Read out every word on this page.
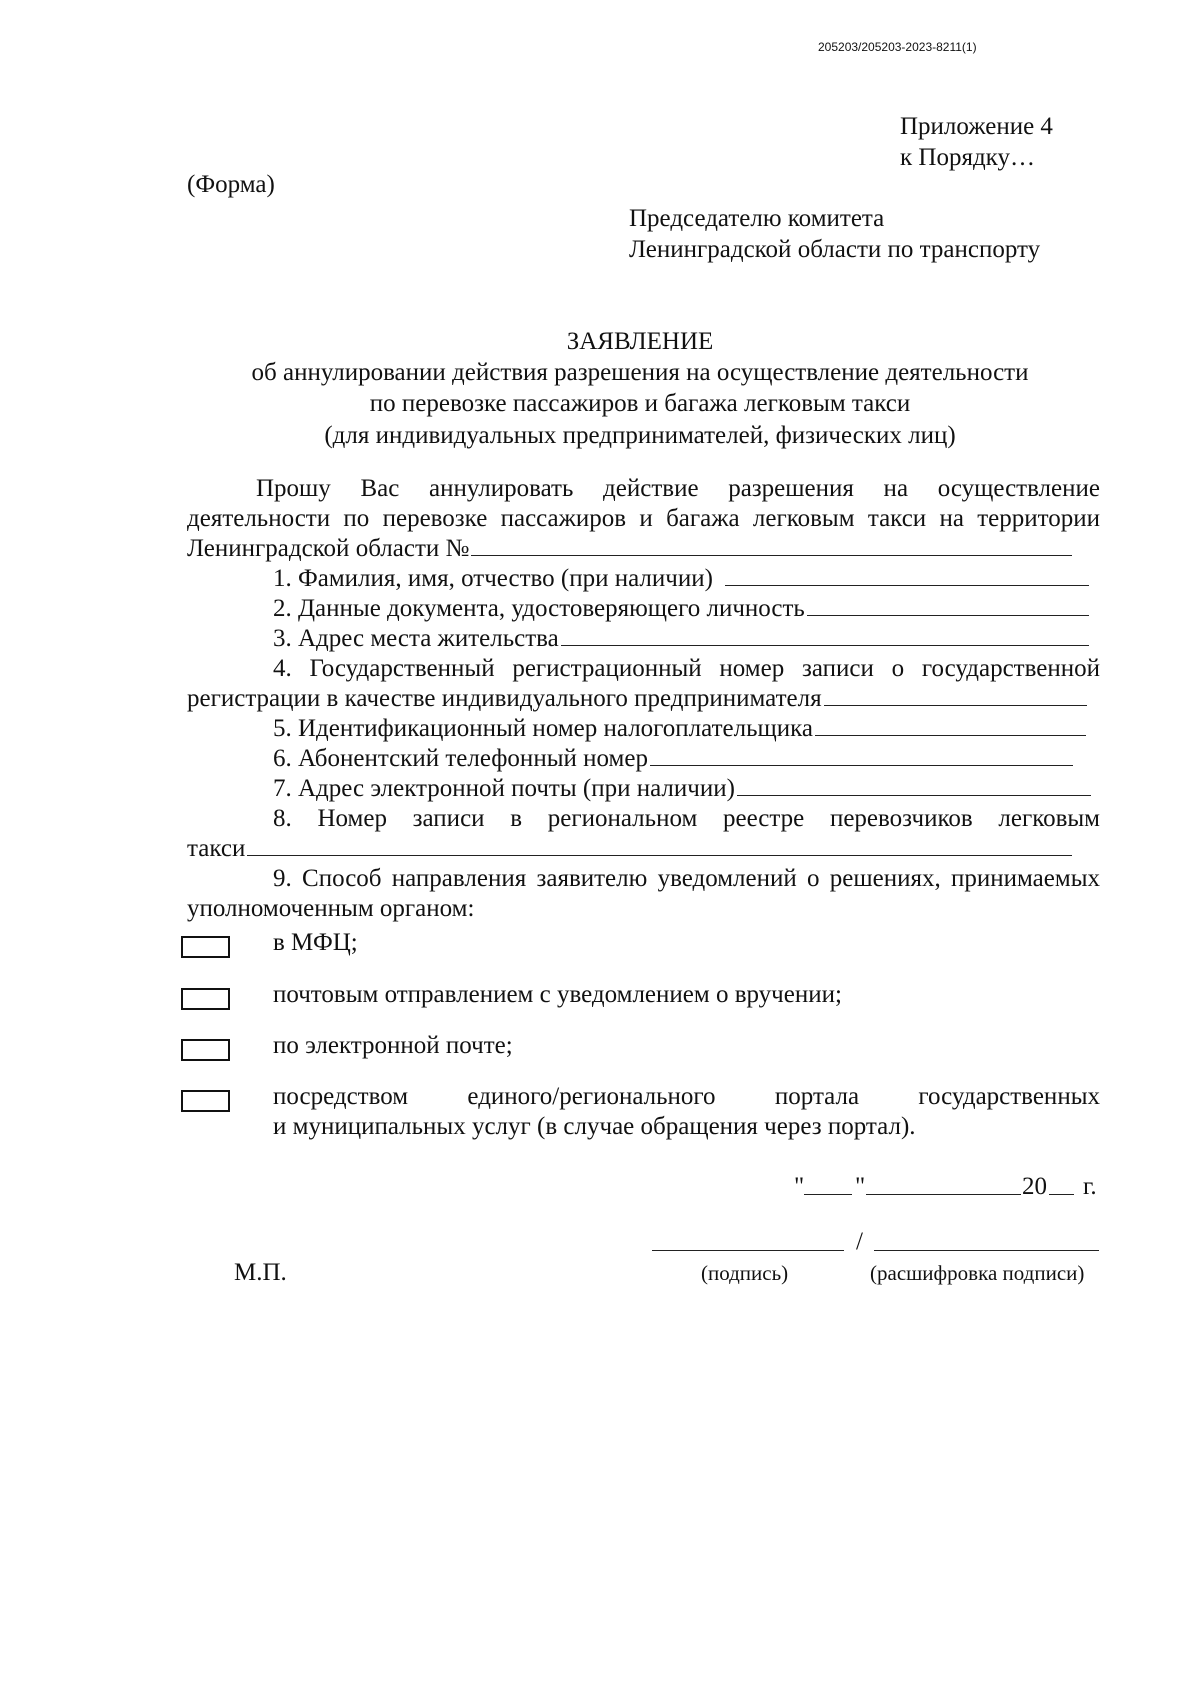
205203/205203-2023-8211(1)
Приложение 4
к Порядку…
(Форма)
Председателю комитета
Ленинградской области по транспорту
ЗАЯВЛЕНИЕ
об аннулировании действия разрешения на осуществление деятельности
по перевозке пассажиров и багажа легковым такси
(для индивидуальных предпринимателей, физических лиц)
Прошу Вас аннулировать действие разрешения на осуществление
деятельности по перевозке пассажиров и багажа легковым такси на территории
Ленинградской области №
1. Фамилия, имя, отчество (при наличии)
2. Данные документа, удостоверяющего личность
3. Адрес места жительства
4. Государственный регистрационный номер записи о государственной
регистрации в качестве индивидуального предпринимателя
5. Идентификационный номер налогоплательщика
6. Абонентский телефонный номер
7. Адрес электронной почты (при наличии)
8. Номер записи в региональном реестре перевозчиков легковым
такси
9. Способ направления заявителю уведомлений о решениях, принимаемых
уполномоченным органом:
в МФЦ;
почтовым отправлением с уведомлением о вручении;
по электронной почте;
посредством единого/регионального портала государственных
и муниципальных услуг (в случае обращения через портал).
" "	20 г.
/
М.П.	(подпись)	(расшифровка подписи)
